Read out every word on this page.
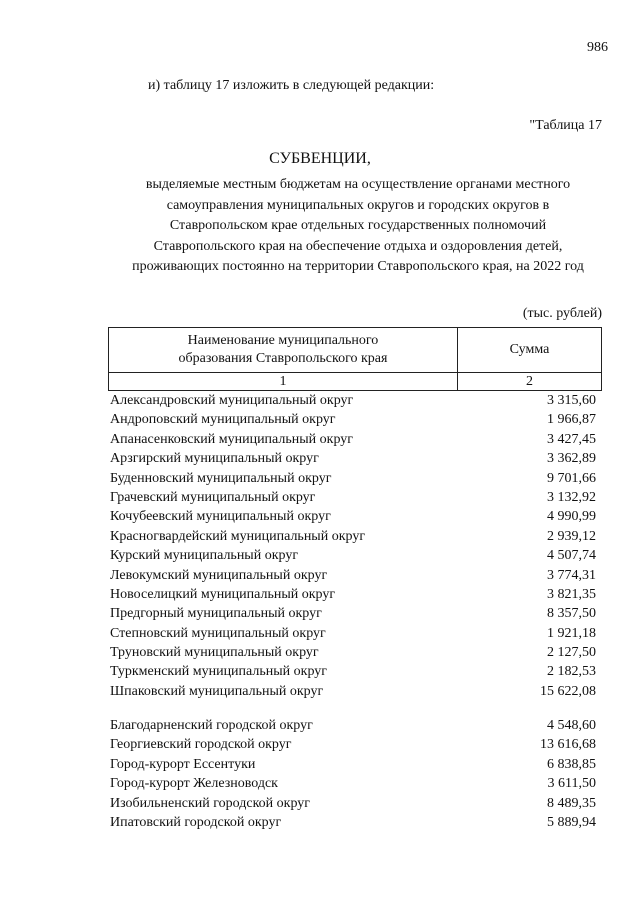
986
и) таблицу 17 изложить в следующей редакции:
"Таблица 17
СУБВЕНЦИИ,
выделяемые местным бюджетам на осуществление органами местного
самоуправления муниципальных округов и городских округов в
Ставропольском крае отдельных государственных полномочий
Ставропольского края на обеспечение отдыха и оздоровления детей,
проживающих постоянно на территории Ставропольского края, на 2022 год
(тыс. рублей)
Наименование муниципального
образования Ставропольского края
Сумма
1	2
Александровский муниципальный округ	3 315,60
Андроповский муниципальный округ	1 966,87
Апанасенковский муниципальный округ	3 427,45
Арзгирский муниципальный округ	3 362,89
Буденновский муниципальный округ	9 701,66
Грачевский муниципальный округ	3 132,92
Кочубеевский муниципальный округ	4 990,99
Красногвардейский муниципальный округ	2 939,12
Курский муниципальный округ	4 507,74
Левокумский муниципальный округ	3 774,31
Новоселицкий муниципальный округ	3 821,35
Предгорный муниципальный округ	8 357,50
Степновский муниципальный округ	1 921,18
Труновский муниципальный округ	2 127,50
Туркменский муниципальный округ	2 182,53
Шпаковский муниципальный округ	15 622,08
Благодарненский городской округ	4 548,60
Георгиевский городской округ	13 616,68
Город-курорт Ессентуки	6 838,85
Город-курорт Железноводск	3 611,50
Изобильненский городской округ	8 489,35
Ипатовский городской округ	5 889,94
